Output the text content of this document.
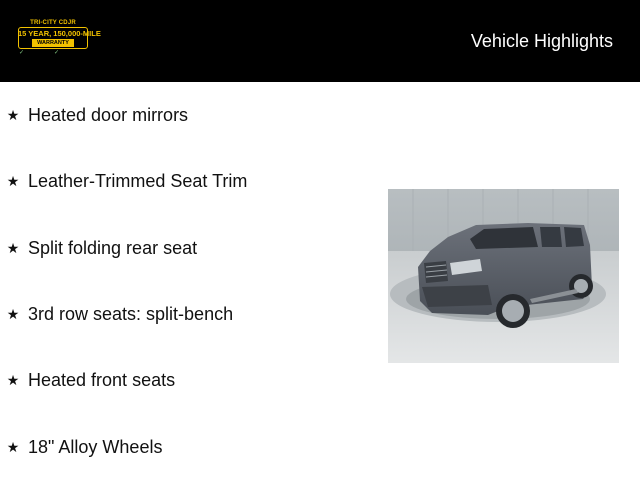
TRI-CITY CDJR
15 YEAR, 150,000-MILE
WARRANTY
✓	✓
Vehicle Highlights
★ Heated door mirrors
★ Leather-Trimmed Seat Trim
★ Split folding rear seat
★ 3rd row seats: split-bench
★ Heated front seats
★ 18" Alloy Wheels
